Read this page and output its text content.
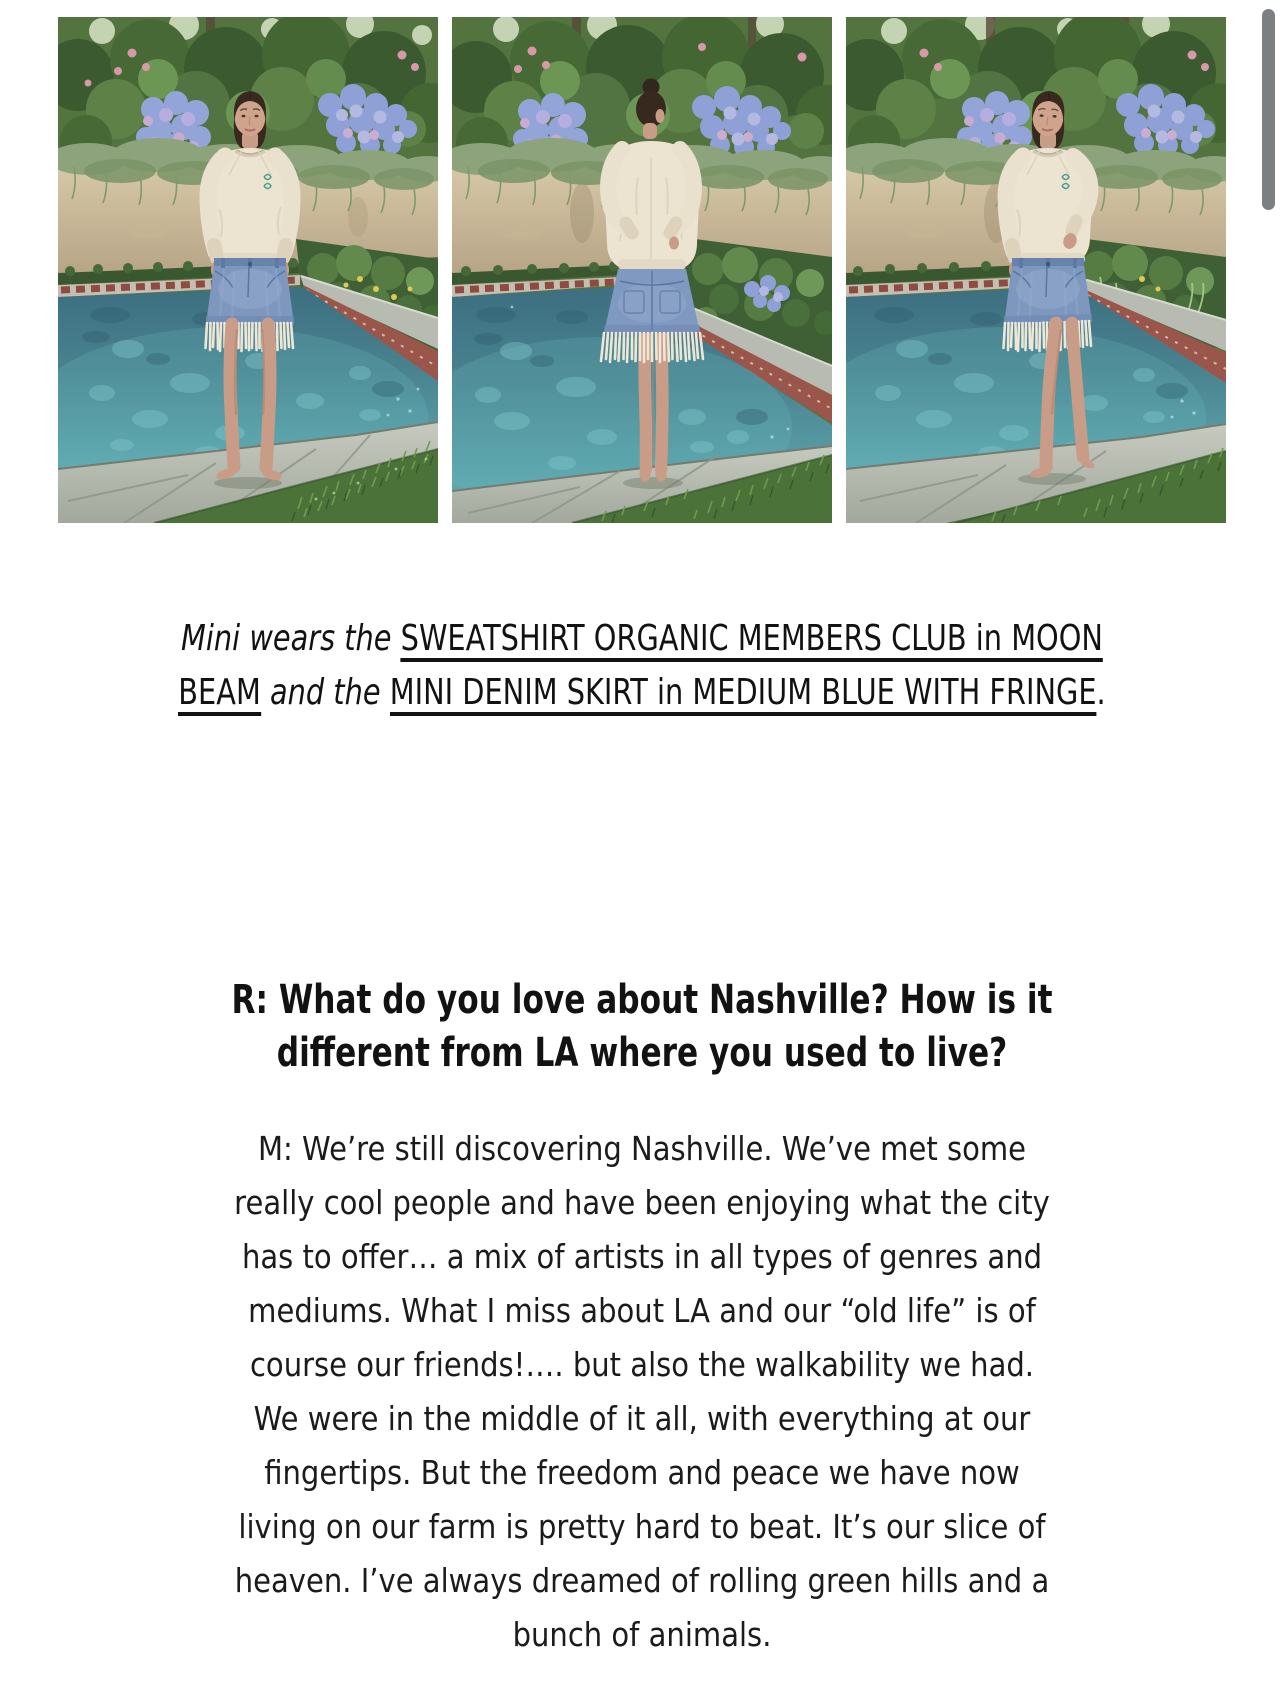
Mini wears the SWEATSHIRT ORGANIC MEMBERS CLUB in MOON
BEAM and the MINI DENIM SKIRT in MEDIUM BLUE WITH FRINGE.
R: What do you love about Nashville? How is it
different from LA where you used to live?
M: We’re still discovering Nashville. We’ve met some
really cool people and have been enjoying what the city
has to offer… a mix of artists in all types of genres and
mediums. What I miss about LA and our “old life” is of
course our friends!…. but also the walkability we had.
We were in the middle of it all, with everything at our
fingertips. But the freedom and peace we have now
living on our farm is pretty hard to beat. It’s our slice of
heaven. I’ve always dreamed of rolling green hills and a
bunch of animals.
